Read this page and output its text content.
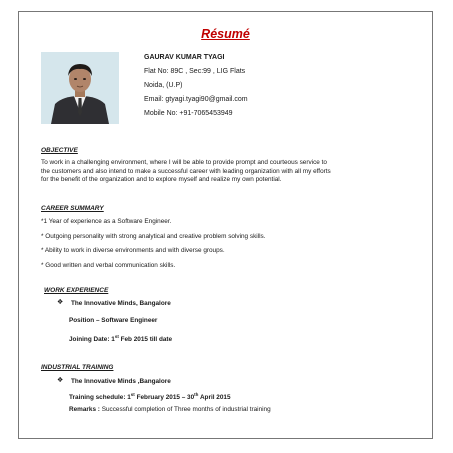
Résumé
GAURAV KUMAR TYAGI
Flat No: 89C , Sec:99 , LIG Flats
Noida, (U.P)
Email: gtyagi.tyagi90@gmail.com
Mobile No: +91-7065453949
OBJECTIVE
To work in a challenging environment, where I will be able to provide prompt and courteous service to
the customers and also intend to make a successful career with leading organization with all my efforts
for the benefit of the organization and to explore myself and realize my own potential.
CAREER SUMMARY
*1 Year of experience as a Software Engineer.
* Outgoing personality with strong analytical and creative problem solving skills.
* Ability to work in diverse environments and with diverse groups.
* Good written and verbal communication skills.
WORK EXPERIENCE
❖ The Innovative Minds, Bangalore
Position – Software Engineer
Joining Date: 1st Feb 2015 till date
INDUSTRIAL TRAINING
❖ The Innovative Minds ,Bangalore
Training schedule: 1st February 2015 – 30th April 2015
Remarks : Successful completion of Three months of industrial training
